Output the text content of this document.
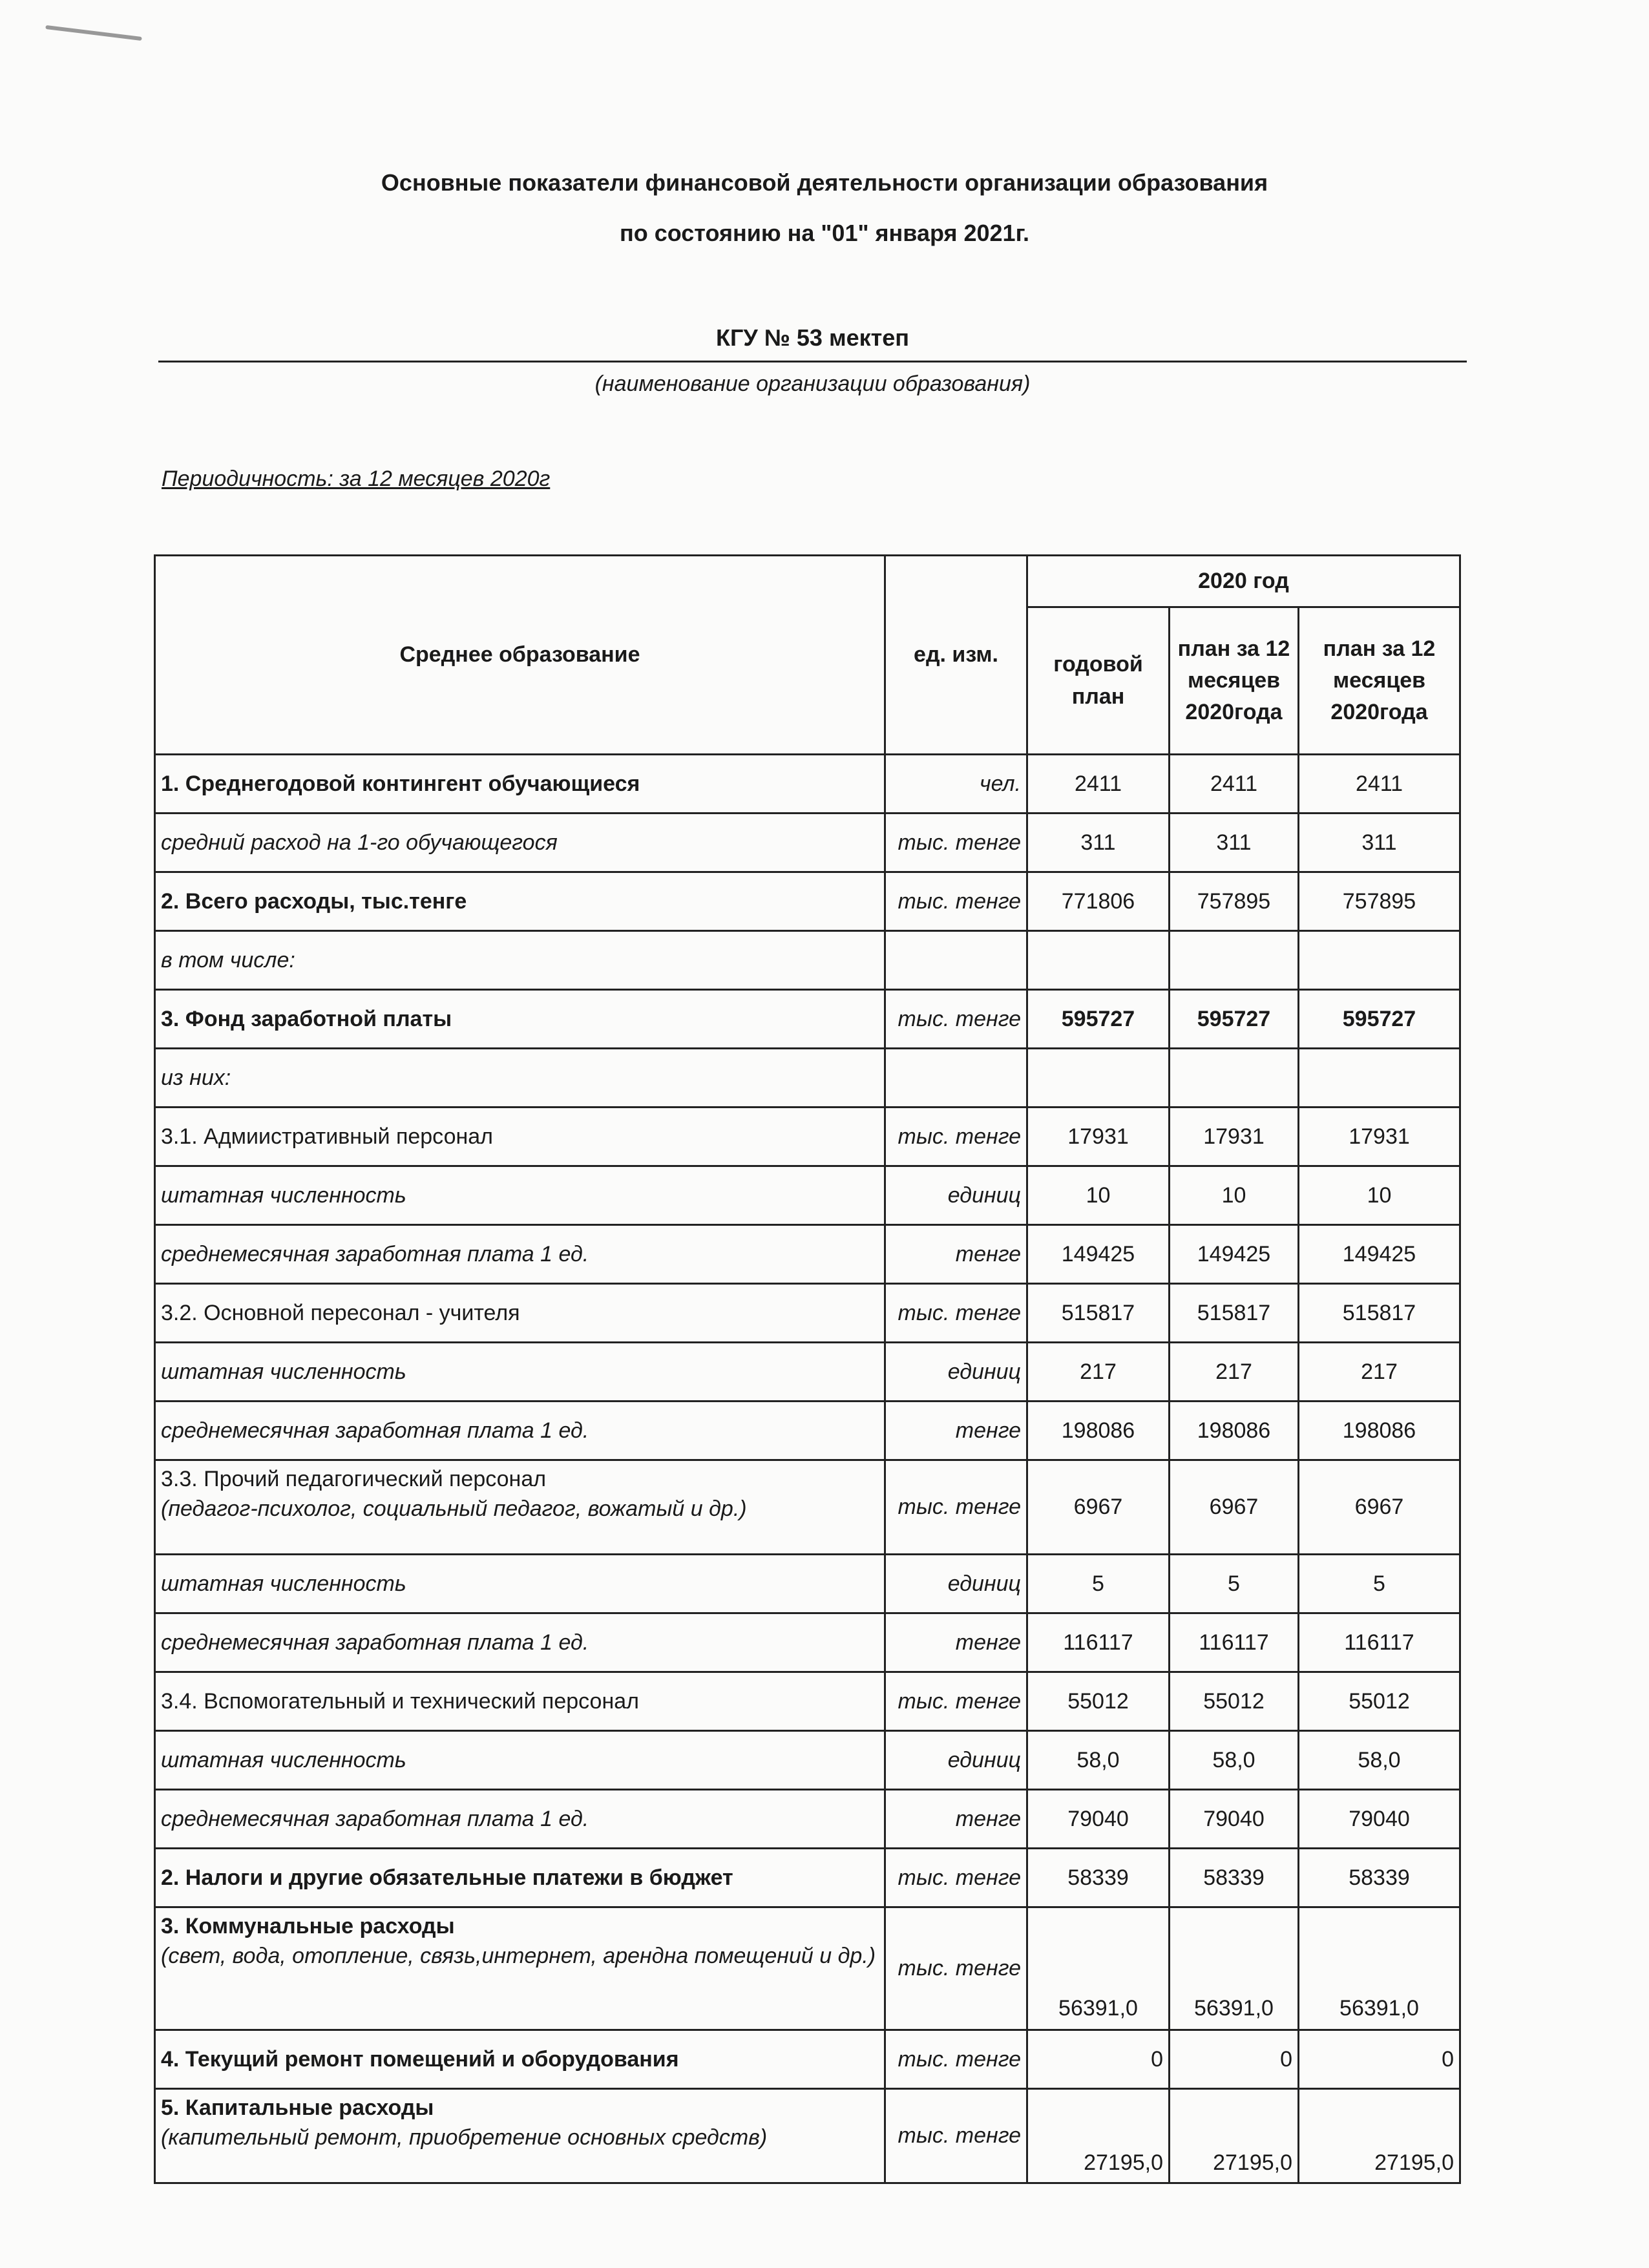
Основные показатели финансовой деятельности организации образования
по состоянию на "01" января 2021г.
КГУ № 53 мектеп
(наименование организации образования)
Периодичность: за 12 месяцев 2020г
Среднее образование	ед. изм.	2020 год		
		годовой план	план за 12 месяцев 2020года	план за 12 месяцев 2020года
1. Среднегодовой контингент обучающиеся	чел.	2411	2411	2411
средний расход на 1-го обучающегося	тыс. тенге	311	311	311
2. Всего расходы, тыс.тенге	тыс. тенге	771806	757895	757895
в том числе:				
3. Фонд заработной платы	тыс. тенге	595727	595727	595727
из них:				
3.1. Адмиистративный персонал	тыс. тенге	17931	17931	17931
штатная численность	единиц	10	10	10
среднемесячная заработная плата 1 ед.	тенге	149425	149425	149425
3.2. Основной пересонал - учителя	тыс. тенге	515817	515817	515817
штатная численность	единиц	217	217	217
среднемесячная заработная плата 1 ед.	тенге	198086	198086	198086
3.3. Прочий педагогический персонал
(педагог-психолог, социальный педагог, вожатый и др.)	тыс. тенге	6967	6967	6967
штатная численность	единиц	5	5	5
среднемесячная заработная плата 1 ед.	тенге	116117	116117	116117
3.4. Вспомогательный и технический персонал	тыс. тенге	55012	55012	55012
штатная численность	единиц	58,0	58,0	58,0
среднемесячная заработная плата 1 ед.	тенге	79040	79040	79040
2. Налоги и другие обязательные платежи в бюджет	тыс. тенге	58339	58339	58339
3. Коммунальные расходы
(свет, вода, отопление, связь,интернет, арендна помещений и др.)	тыс. тенге	56391,0	56391,0	56391,0
4. Текущий ремонт помещений и оборудования	тыс. тенге	0	0	0
5. Капитальные расходы
(капительный ремонт, приобретение основных средств)	тыс. тенге	27195,0	27195,0	27195,0
